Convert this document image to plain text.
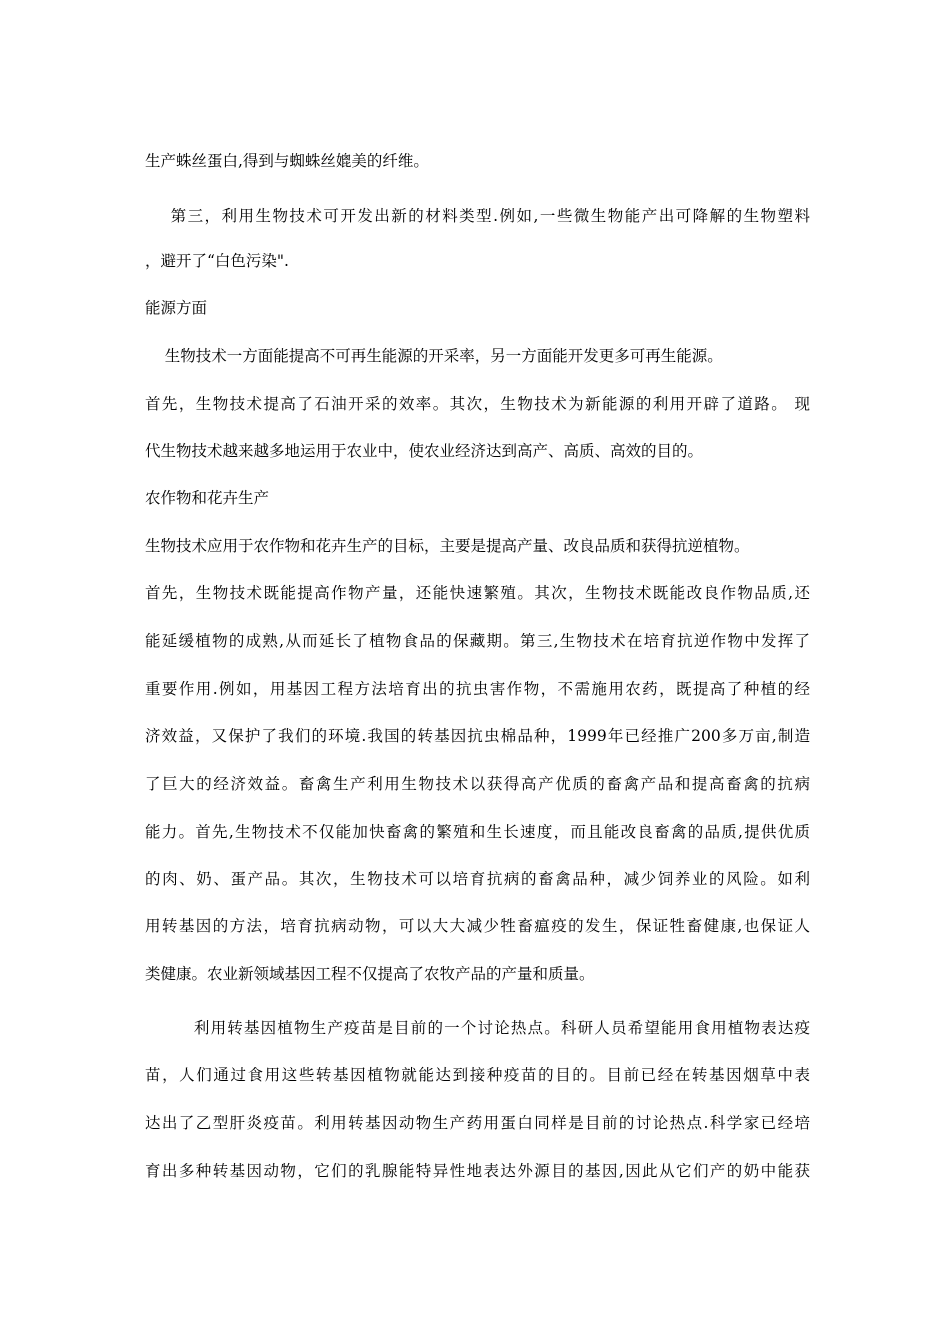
生产蛛丝蛋白,得到与蜘蛛丝媲美的纤维。
第三，利用生物技术可开发出新的材料类型.例如,一些微生物能产出可降解的生物塑料
，避开了“白色污染".
能源方面
生物技术一方面能提高不可再生能源的开采率，另一方面能开发更多可再生能源。
首先，生物技术提高了石油开采的效率。其次，生物技术为新能源的利用开辟了道路。 现
代生物技术越来越多地运用于农业中，使农业经济达到高产、高质、高效的目的。
农作物和花卉生产
生物技术应用于农作物和花卉生产的目标，主要是提高产量、改良品质和获得抗逆植物。
首先，生物技术既能提高作物产量，还能快速繁殖。其次，生物技术既能改良作物品质,还
能延缓植物的成熟,从而延长了植物食品的保藏期。第三,生物技术在培育抗逆作物中发挥了
重要作用.例如，用基因工程方法培育出的抗虫害作物，不需施用农药，既提高了种植的经
济效益，又保护了我们的环境.我国的转基因抗虫棉品种，1999年已经推广200多万亩,制造
了巨大的经济效益。畜禽生产利用生物技术以获得高产优质的畜禽产品和提高畜禽的抗病
能力。首先,生物技术不仅能加快畜禽的繁殖和生长速度，而且能改良畜禽的品质,提供优质
的肉、奶、蛋产品。其次，生物技术可以培育抗病的畜禽品种，减少饲养业的风险。如利
用转基因的方法，培育抗病动物，可以大大减少牲畜瘟疫的发生，保证牲畜健康,也保证人
类健康。农业新领域基因工程不仅提高了农牧产品的产量和质量。
利用转基因植物生产疫苗是目前的一个讨论热点。科研人员希望能用食用植物表达疫
苗，人们通过食用这些转基因植物就能达到接种疫苗的目的。目前已经在转基因烟草中表
达出了乙型肝炎疫苗。利用转基因动物生产药用蛋白同样是目前的讨论热点.科学家已经培
育出多种转基因动物，它们的乳腺能特异性地表达外源目的基因,因此从它们产的奶中能获
